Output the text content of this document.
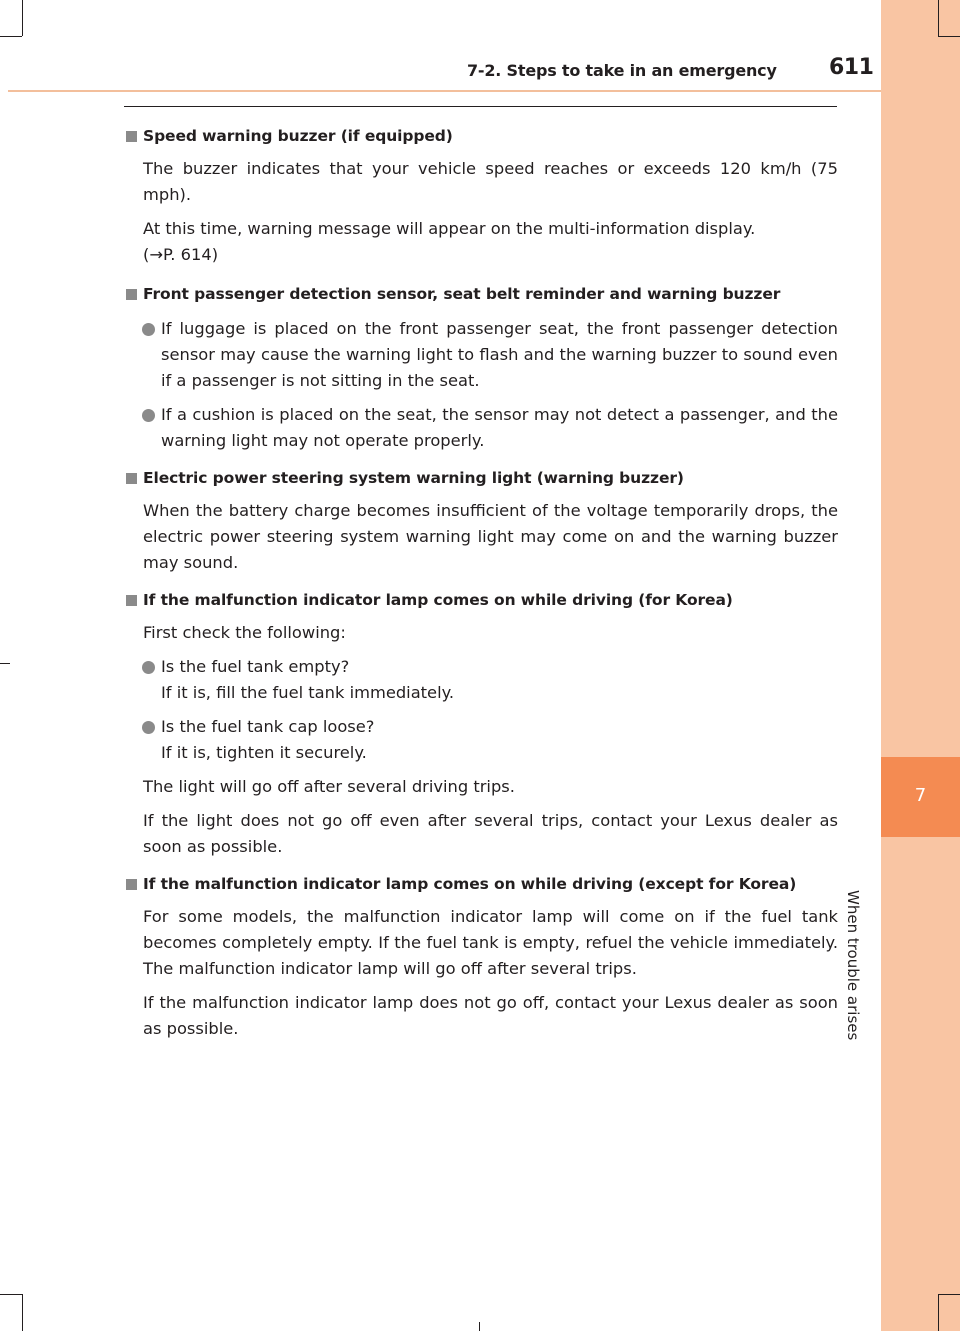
7-2. Steps to take in an emergency 611
7
When trouble arises
Speed warning buzzer (if equipped)

The buzzer indicates that your vehicle speed reaches or exceeds 120 km/h (75 mph).

At this time, warning message will appear on the multi-information display.
(→P. 614)

Front passenger detection sensor, seat belt reminder and warning buzzer
If luggage is placed on the front passenger seat, the front passenger detection sensor may cause the warning light to flash and the warning buzzer to sound even if a passenger is not sitting in the seat.
If a cushion is placed on the seat, the sensor may not detect a passenger, and the warning light may not operate properly.
Electric power steering system warning light (warning buzzer)

When the battery charge becomes insufficient of the voltage temporarily drops, the electric power steering system warning light may come on and the warning buzzer may sound.

If the malfunction indicator lamp comes on while driving (for Korea)

First check the following:

Is the fuel tank empty?
If it is, fill the fuel tank immediately.
Is the fuel tank cap loose?
If it is, tighten it securely.

The light will go off after several driving trips.

If the light does not go off even after several trips, contact your Lexus dealer as soon as possible.

If the malfunction indicator lamp comes on while driving (except for Korea)

For some models, the malfunction indicator lamp will come on if the fuel tank becomes completely empty. If the fuel tank is empty, refuel the vehicle immediately. The malfunction indicator lamp will go off after several trips.

If the malfunction indicator lamp does not go off, contact your Lexus dealer as soon as possible.
